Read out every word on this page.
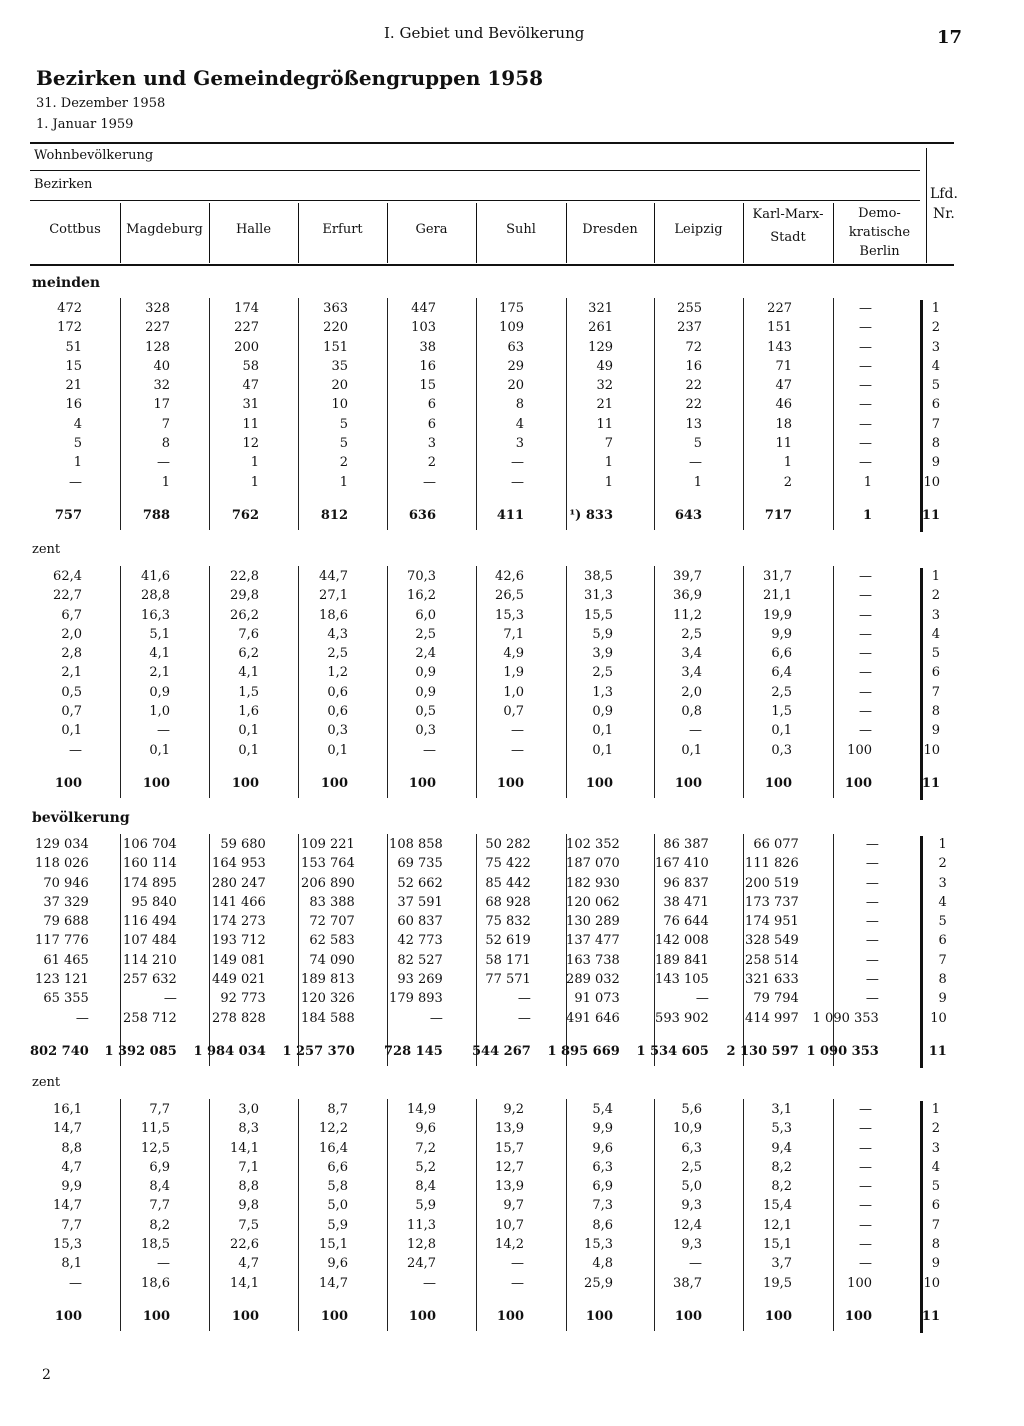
I. Gebiet und Bevölkerung	17
Bezirken und Gemeindegrößengruppen 1958
31. Dezember 1958
1. Januar 1959
Wohnbevölkerung
Bezirken
Lfd.
Nr.
Cottbus	Magdeburg	Halle	Erfurt	Gera	Suhl	Dresden	Leipzig
Karl-Marx-
Stadt
Demo-
kratische
Berlin
meinden
zent
bevölkerung
zent
472	328	174	363	447	175	321	255	227	—	1
172	227	227	220	103	109	261	237	151	—	2
51	128	200	151	38	63	129	72	143	—	3
15	40	58	35	16	29	49	16	71	—	4
21	32	47	20	15	20	32	22	47	—	5
16	17	31	10	6	8	21	22	46	—	6
4	7	11	5	6	4	11	13	18	—	7
5	8	12	5	3	3	7	5	11	—	8
1	—	1	2	2	—	1	—	1	—	9
—	1	1	1	—	—	1	1	2	1	10
757	788	762	812	636	411	¹) 833	643	717	1	11
62,4	41,6	22,8	44,7	70,3	42,6	38,5	39,7	31,7	—	1
22,7	28,8	29,8	27,1	16,2	26,5	31,3	36,9	21,1	—	2
6,7	16,3	26,2	18,6	6,0	15,3	15,5	11,2	19,9	—	3
2,0	5,1	7,6	4,3	2,5	7,1	5,9	2,5	9,9	—	4
2,8	4,1	6,2	2,5	2,4	4,9	3,9	3,4	6,6	—	5
2,1	2,1	4,1	1,2	0,9	1,9	2,5	3,4	6,4	—	6
0,5	0,9	1,5	0,6	0,9	1,0	1,3	2,0	2,5	—	7
0,7	1,0	1,6	0,6	0,5	0,7	0,9	0,8	1,5	—	8
0,1	—	0,1	0,3	0,3	—	0,1	—	0,1	—	9
—	0,1	0,1	0,1	—	—	0,1	0,1	0,3	100	10
100	100	100	100	100	100	100	100	100	100	11
129 034	106 704	59 680	109 221	108 858	50 282	102 352	86 387	66 077	—	1
118 026	160 114	164 953	153 764	69 735	75 422	187 070	167 410	111 826	—	2
70 946	174 895	280 247	206 890	52 662	85 442	182 930	96 837	200 519	—	3
37 329	95 840	141 466	83 388	37 591	68 928	120 062	38 471	173 737	—	4
79 688	116 494	174 273	72 707	60 837	75 832	130 289	76 644	174 951	—	5
117 776	107 484	193 712	62 583	42 773	52 619	137 477	142 008	328 549	—	6
61 465	114 210	149 081	74 090	82 527	58 171	163 738	189 841	258 514	—	7
123 121	257 632	449 021	189 813	93 269	77 571	289 032	143 105	321 633	—	8
65 355	—	92 773	120 326	179 893	—	91 073	—	79 794	—	9
—	258 712	278 828	184 588	—	—	491 646	593 902	414 997	1 090 353	10
802 740	1 392 085	1 984 034	1 257 370	728 145	544 267	1 895 669	1 534 605	2 130 597	1 090 353	11
16,1	7,7	3,0	8,7	14,9	9,2	5,4	5,6	3,1	—	1
14,7	11,5	8,3	12,2	9,6	13,9	9,9	10,9	5,3	—	2
8,8	12,5	14,1	16,4	7,2	15,7	9,6	6,3	9,4	—	3
4,7	6,9	7,1	6,6	5,2	12,7	6,3	2,5	8,2	—	4
9,9	8,4	8,8	5,8	8,4	13,9	6,9	5,0	8,2	—	5
14,7	7,7	9,8	5,0	5,9	9,7	7,3	9,3	15,4	—	6
7,7	8,2	7,5	5,9	11,3	10,7	8,6	12,4	12,1	—	7
15,3	18,5	22,6	15,1	12,8	14,2	15,3	9,3	15,1	—	8
8,1	—	4,7	9,6	24,7	—	4,8	—	3,7	—	9
—	18,6	14,1	14,7	—	—	25,9	38,7	19,5	100	10
100	100	100	100	100	100	100	100	100	100	11
2
